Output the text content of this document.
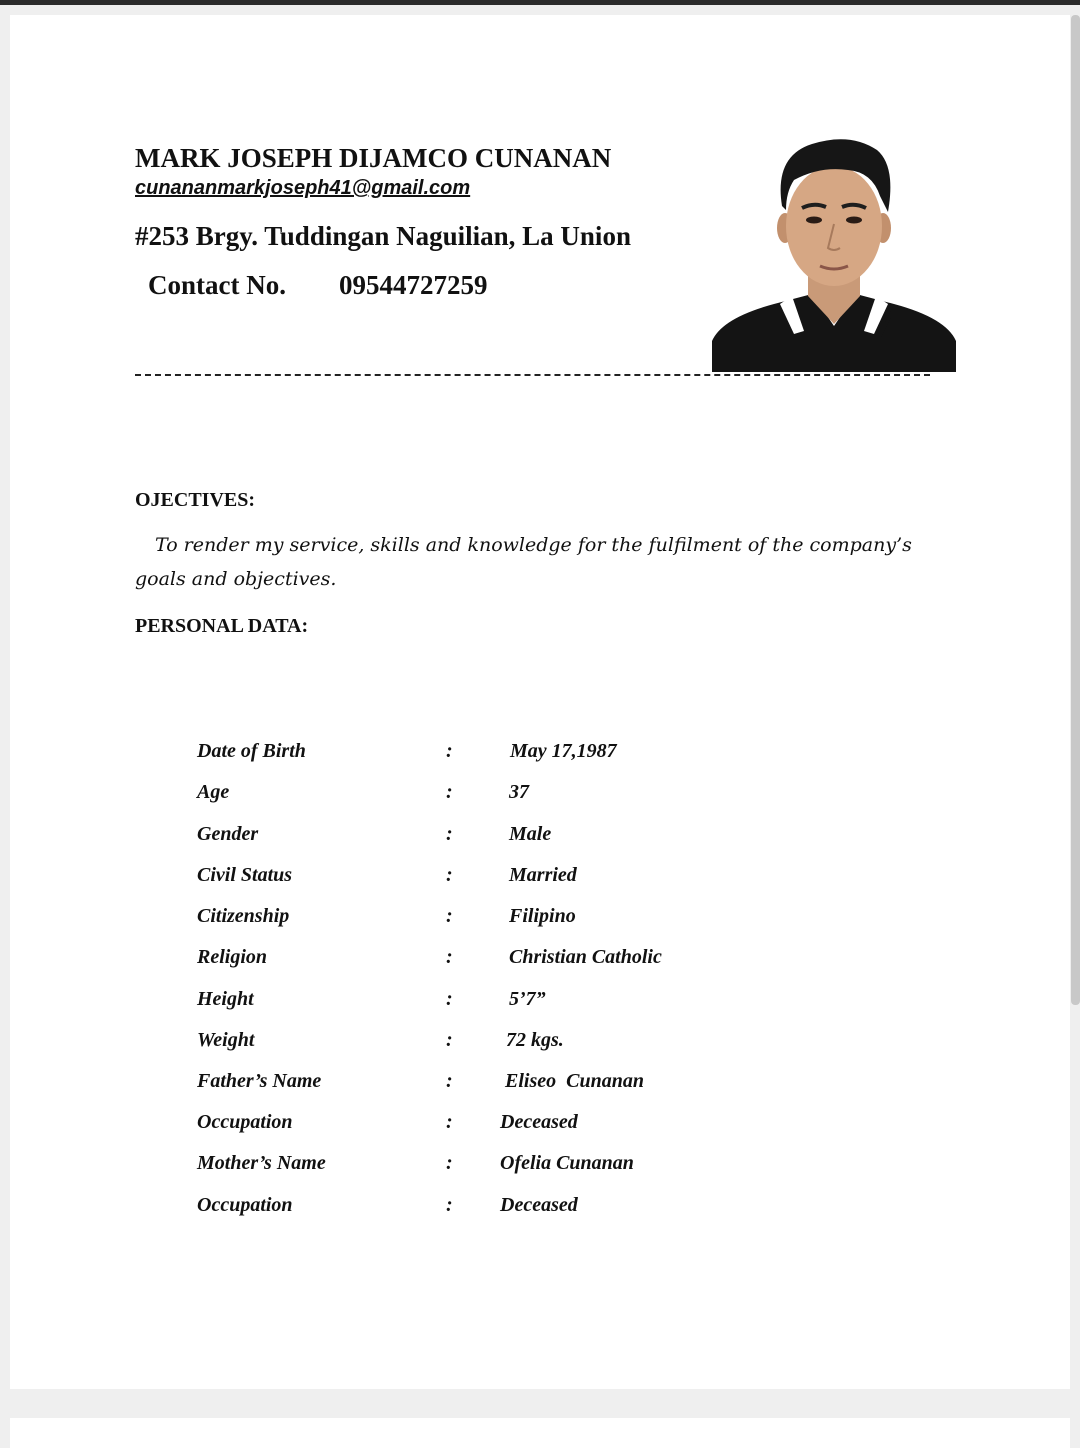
MARK JOSEPH DIJAMCO CUNANAN
cunananmarkjoseph41@gmail.com
#253 Brgy. Tuddingan Naguilian, La Union
Contact No. 09544727259
OJECTIVES:
To render my service, skills and knowledge for the fulfilment of the company’s goals and objectives.
PERSONAL DATA:
Date of Birth	:	May 17,1987
Age	:	37
Gender	:	Male
Civil Status	:	Married
Citizenship	:	Filipino
Religion	:	Christian Catholic
Height	:	5’7”
Weight	:	72 kgs.
Father’s Name	:	Eliseo  Cunanan
Occupation	: Deceased
Mother’s Name	: Ofelia Cunanan
Occupation	: Deceased
